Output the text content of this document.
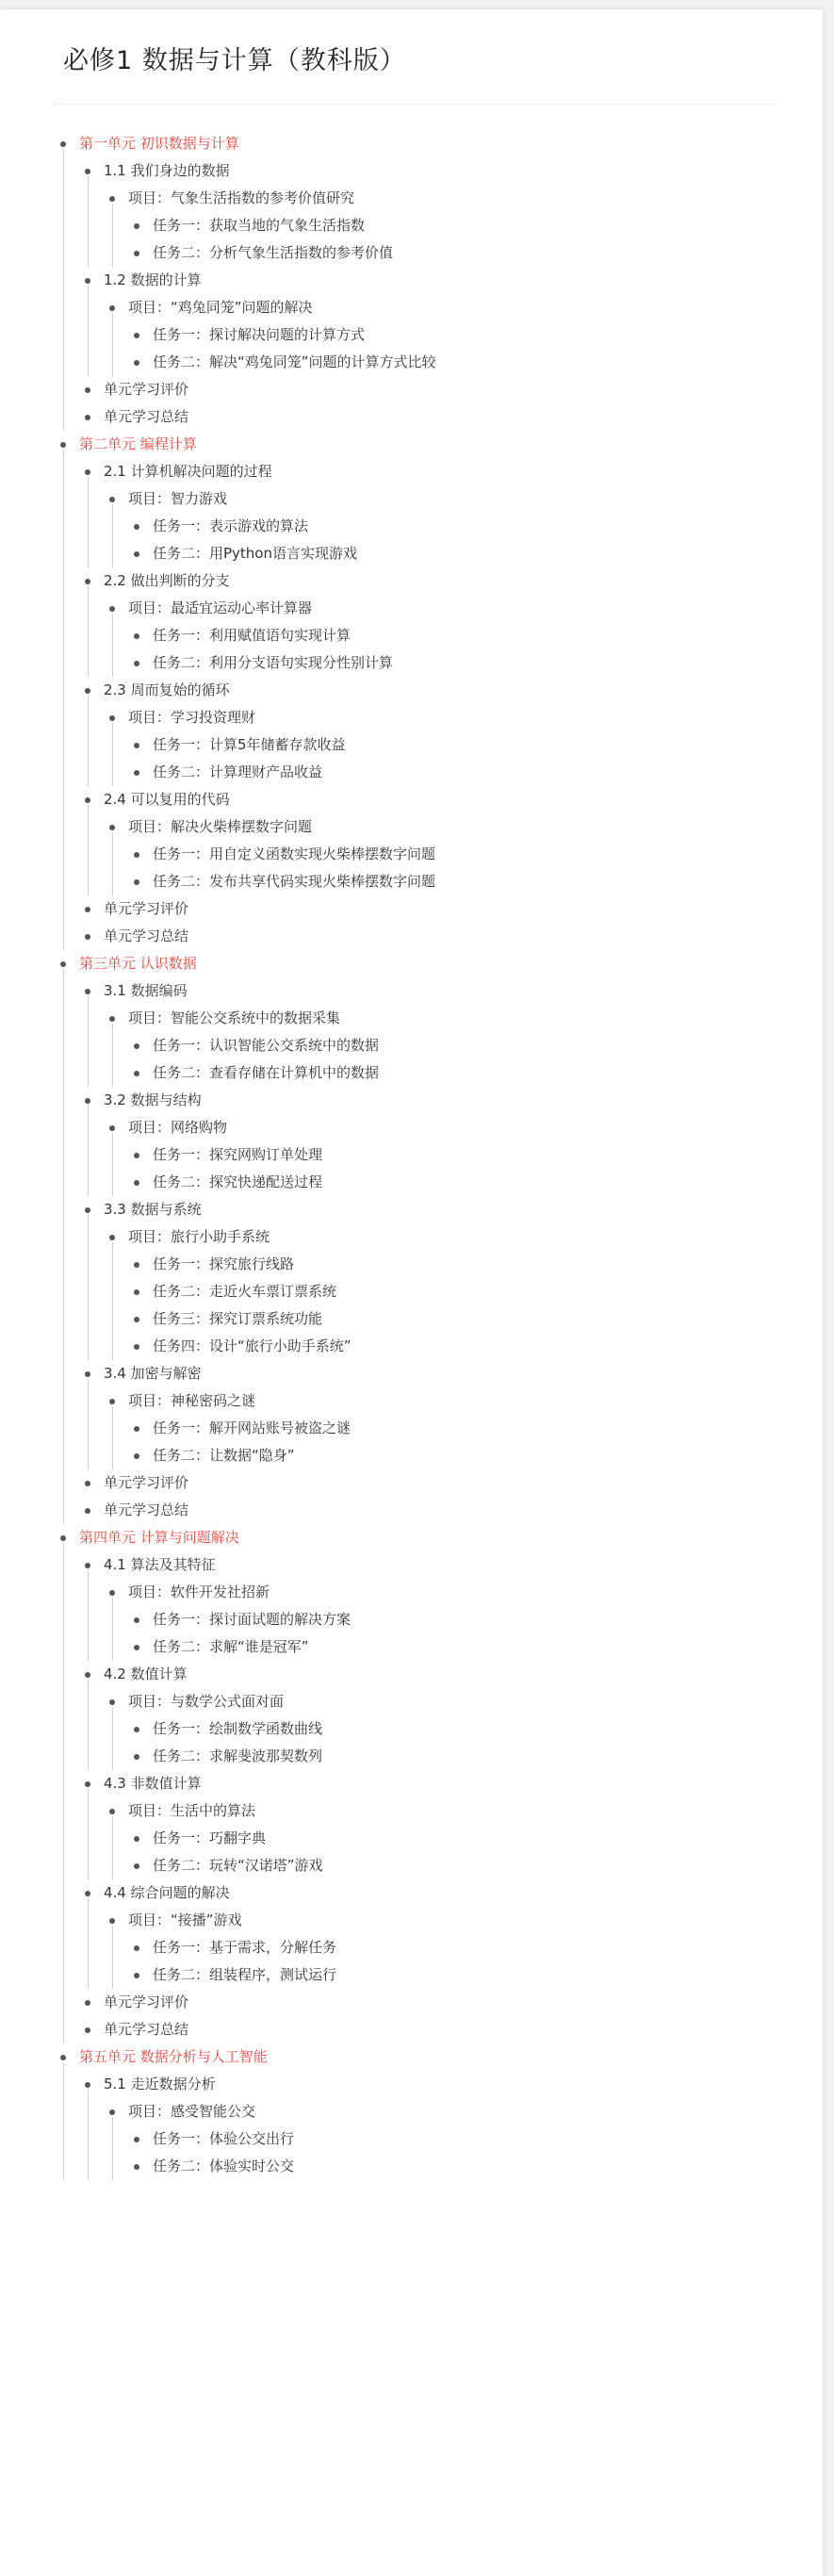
必修1 数据与计算（教科版）
第一单元 初识数据与计算
1.1 我们身边的数据
项目：气象生活指数的参考价值研究
任务一：获取当地的气象生活指数
任务二：分析气象生活指数的参考价值
1.2 数据的计算
项目：“鸡兔同笼”问题的解决
任务一：探讨解决问题的计算方式
任务二：解决“鸡兔同笼”问题的计算方式比较
单元学习评价
单元学习总结
第二单元 编程计算
2.1 计算机解决问题的过程
项目：智力游戏
任务一：表示游戏的算法
任务二：用Python语言实现游戏
2.2 做出判断的分支
项目：最适宜运动心率计算器
任务一：利用赋值语句实现计算
任务二：利用分支语句实现分性别计算
2.3 周而复始的循环
项目：学习投资理财
任务一：计算5年储蓄存款收益
任务二：计算理财产品收益
2.4 可以复用的代码
项目：解决火柴棒摆数字问题
任务一：用自定义函数实现火柴棒摆数字问题
任务二：发布共享代码实现火柴棒摆数字问题
单元学习评价
单元学习总结
第三单元 认识数据
3.1 数据编码
项目：智能公交系统中的数据采集
任务一：认识智能公交系统中的数据
任务二：查看存储在计算机中的数据
3.2 数据与结构
项目：网络购物
任务一：探究网购订单处理
任务二：探究快递配送过程
3.3 数据与系统
项目：旅行小助手系统
任务一：探究旅行线路
任务二：走近火车票订票系统
任务三：探究订票系统功能
任务四：设计“旅行小助手系统”
3.4 加密与解密
项目：神秘密码之谜
任务一：解开网站账号被盗之谜
任务二：让数据“隐身”
单元学习评价
单元学习总结
第四单元 计算与问题解决
4.1 算法及其特征
项目：软件开发社招新
任务一：探讨面试题的解决方案
任务二：求解“谁是冠军”
4.2 数值计算
项目：与数学公式面对面
任务一：绘制数学函数曲线
任务二：求解斐波那契数列
4.3 非数值计算
项目：生活中的算法
任务一：巧翻字典
任务二：玩转“汉诺塔”游戏
4.4 综合问题的解决
项目：“接播”游戏
任务一：基于需求，分解任务
任务二：组装程序，测试运行
单元学习评价
单元学习总结
第五单元 数据分析与人工智能
5.1 走近数据分析
项目：感受智能公交
任务一：体验公交出行
任务二：体验实时公交
